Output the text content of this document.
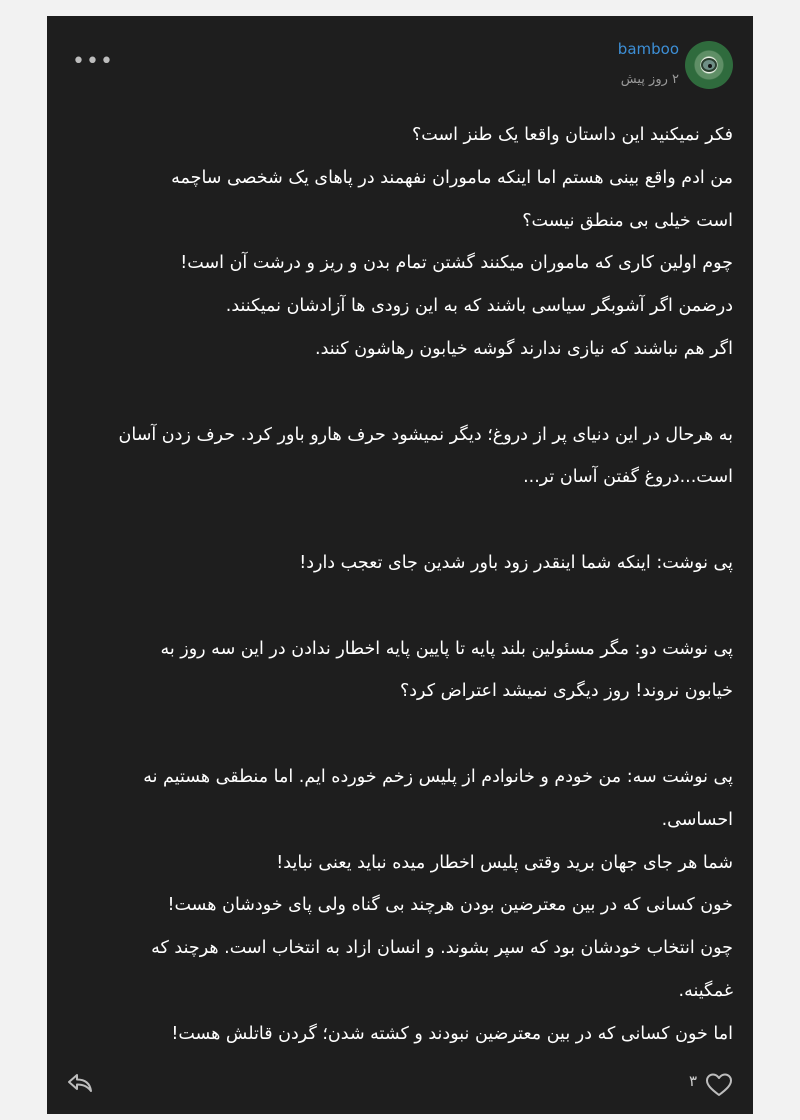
bamboo
۲ روز پیش
•••

فکر نمیکنید این داستان واقعا یک طنز است؟

من ادم واقع بینی هستم اما اینکه ماموران نفهمند در پاهای یک شخصی ساچمه

است خیلی بی منطق نیست؟

چوم اولین کاری که ماموران میکنند گشتن تمام بدن و ریز و درشت آن است!

درضمن اگر آشوبگر سیاسی باشند که به این زودی ها آزادشان نمیکنند.

اگر هم نباشند که نیازی ندارند گوشه خیابون رهاشون کنند.

به هرحال در این دنیای پر از دروغ؛ دیگر نمیشود حرف هارو باور کرد. حرف زدن آسان

است...دروغ گفتن آسان تر...

پی نوشت: اینکه شما اینقدر زود باور شدین جای تعجب دارد!

پی نوشت دو: مگر مسئولین بلند پایه تا پایین پایه اخطار ندادن در این سه روز به

خیابون نروند! روز دیگری نمیشد اعتراض کرد؟

پی نوشت سه: من خودم و خانوادم از پلیس زخم خورده ایم. اما منطقی هستیم نه

احساسی.

شما هر جای جهان برید وقتی پلیس اخطار میده نباید یعنی نباید!

خون کسانی که در بین معترضین بودن هرچند بی گناه ولی پای خودشان هست!

چون انتخاب خودشان بود که سپر بشوند. و انسان ازاد به انتخاب است. هرچند که

غمگینه.

اما خون کسانی که در بین معترضین نبودند و کشته شدن؛ گردن قاتلش هست!

۳
